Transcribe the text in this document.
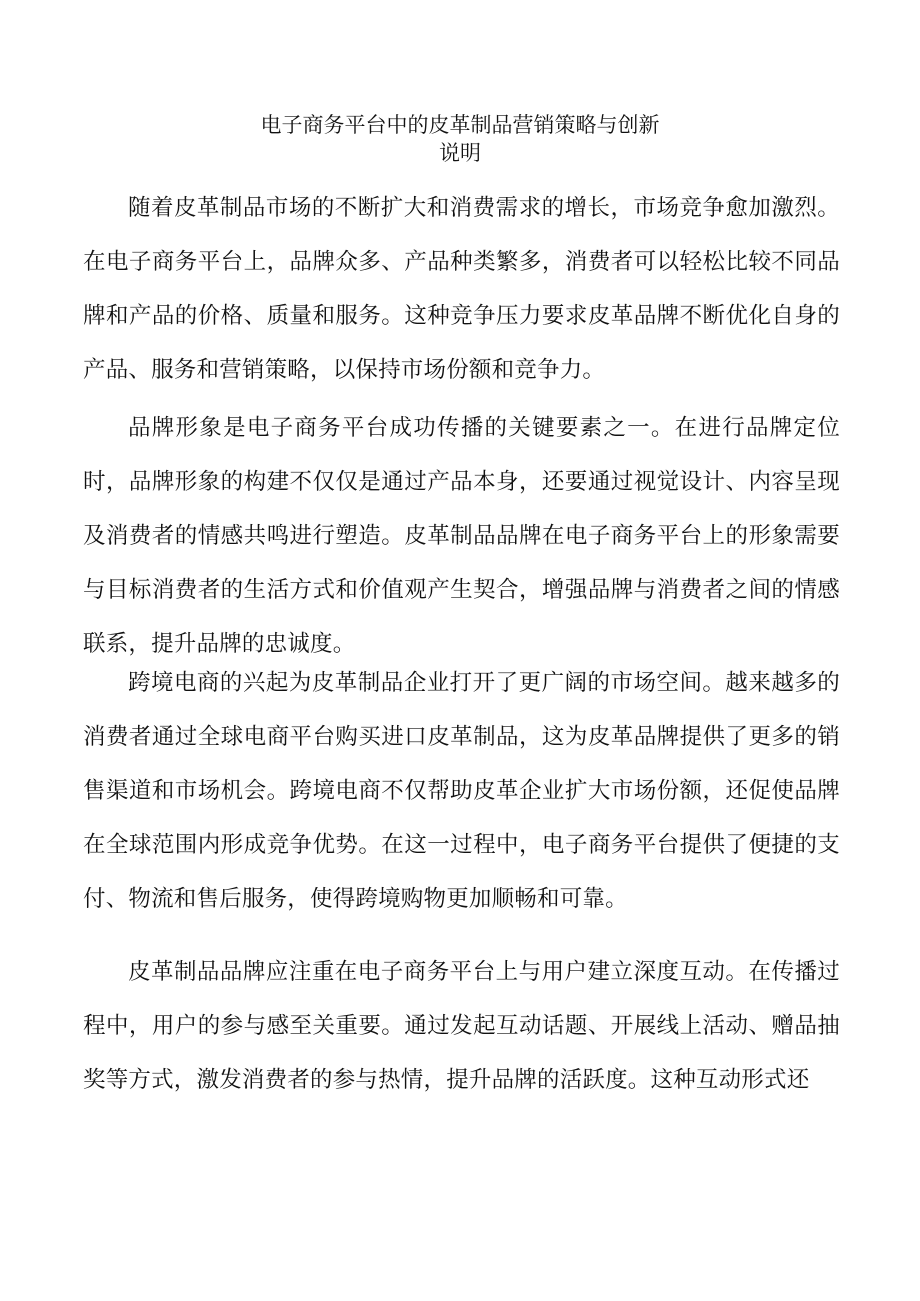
电子商务平台中的皮革制品营销策略与创新
说明

随着皮革制品市场的不断扩大和消费需求的增长，市场竞争愈加激烈。在电子商务平台上，品牌众多、产品种类繁多，消费者可以轻松比较不同品牌和产品的价格、质量和服务。这种竞争压力要求皮革品牌不断优化自身的产品、服务和营销策略，以保持市场份额和竞争力。

品牌形象是电子商务平台成功传播的关键要素之一。在进行品牌定位时，品牌形象的构建不仅仅是通过产品本身，还要通过视觉设计、内容呈现及消费者的情感共鸣进行塑造。皮革制品品牌在电子商务平台上的形象需要与目标消费者的生活方式和价值观产生契合，增强品牌与消费者之间的情感联系，提升品牌的忠诚度。

跨境电商的兴起为皮革制品企业打开了更广阔的市场空间。越来越多的消费者通过全球电商平台购买进口皮革制品，这为皮革品牌提供了更多的销售渠道和市场机会。跨境电商不仅帮助皮革企业扩大市场份额，还促使品牌在全球范围内形成竞争优势。在这一过程中，电子商务平台提供了便捷的支付、物流和售后服务，使得跨境购物更加顺畅和可靠。

皮革制品品牌应注重在电子商务平台上与用户建立深度互动。在传播过程中，用户的参与感至关重要。通过发起互动话题、开展线上活动、赠品抽奖等方式，激发消费者的参与热情，提升品牌的活跃度。这种互动形式还
